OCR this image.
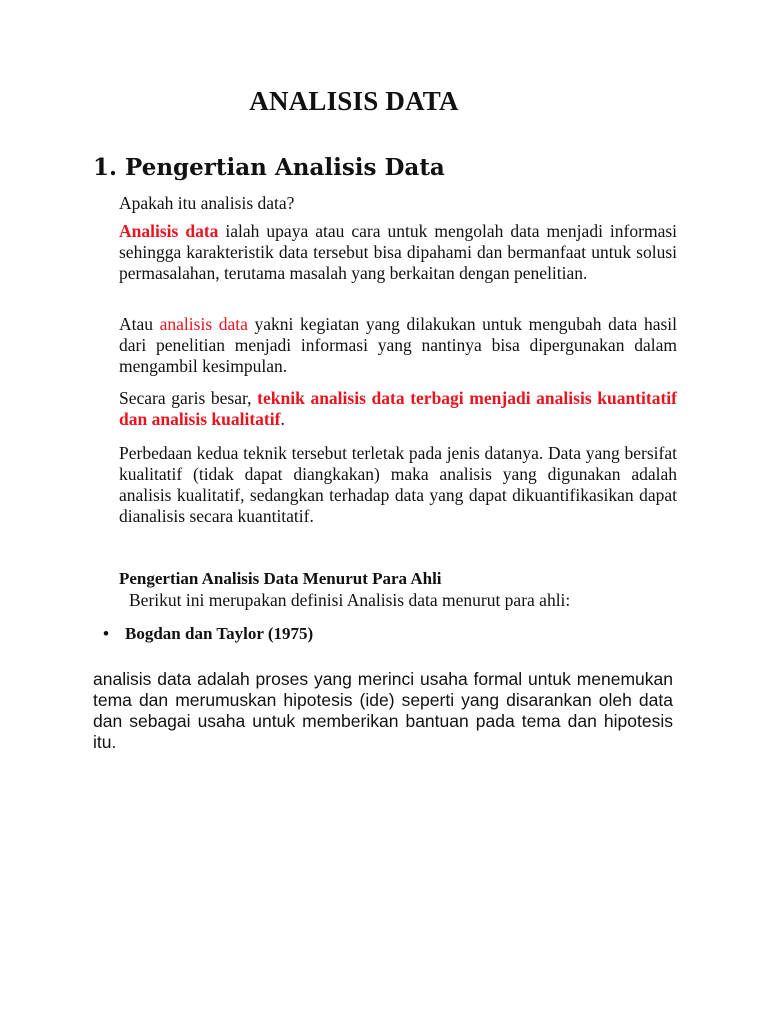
ANALISIS DATA
1. Pengertian Analisis Data
Apakah itu analisis data?
Analisis data ialah upaya atau cara untuk mengolah data menjadi informasi sehingga karakteristik data tersebut bisa dipahami dan bermanfaat untuk solusi permasalahan, terutama masalah yang berkaitan dengan penelitian.
Atau analisis data yakni kegiatan yang dilakukan untuk mengubah data hasil dari penelitian menjadi informasi yang nantinya bisa dipergunakan dalam mengambil kesimpulan.
Secara garis besar, teknik analisis data terbagi menjadi analisis kuantitatif dan analisis kualitatif.
Perbedaan kedua teknik tersebut terletak pada jenis datanya. Data yang bersifat kualitatif (tidak dapat diangkakan) maka analisis yang digunakan adalah analisis kualitatif, sedangkan terhadap data yang dapat dikuantifikasikan dapat dianalisis secara kuantitatif.
Pengertian Analisis Data Menurut Para Ahli
Berikut ini merupakan definisi Analisis data menurut para ahli:
• Bogdan dan Taylor (1975)
analisis data adalah proses yang merinci usaha formal untuk menemukan tema dan merumuskan hipotesis (ide) seperti yang disarankan oleh data dan sebagai usaha untuk memberikan bantuan pada tema dan hipotesis itu.
